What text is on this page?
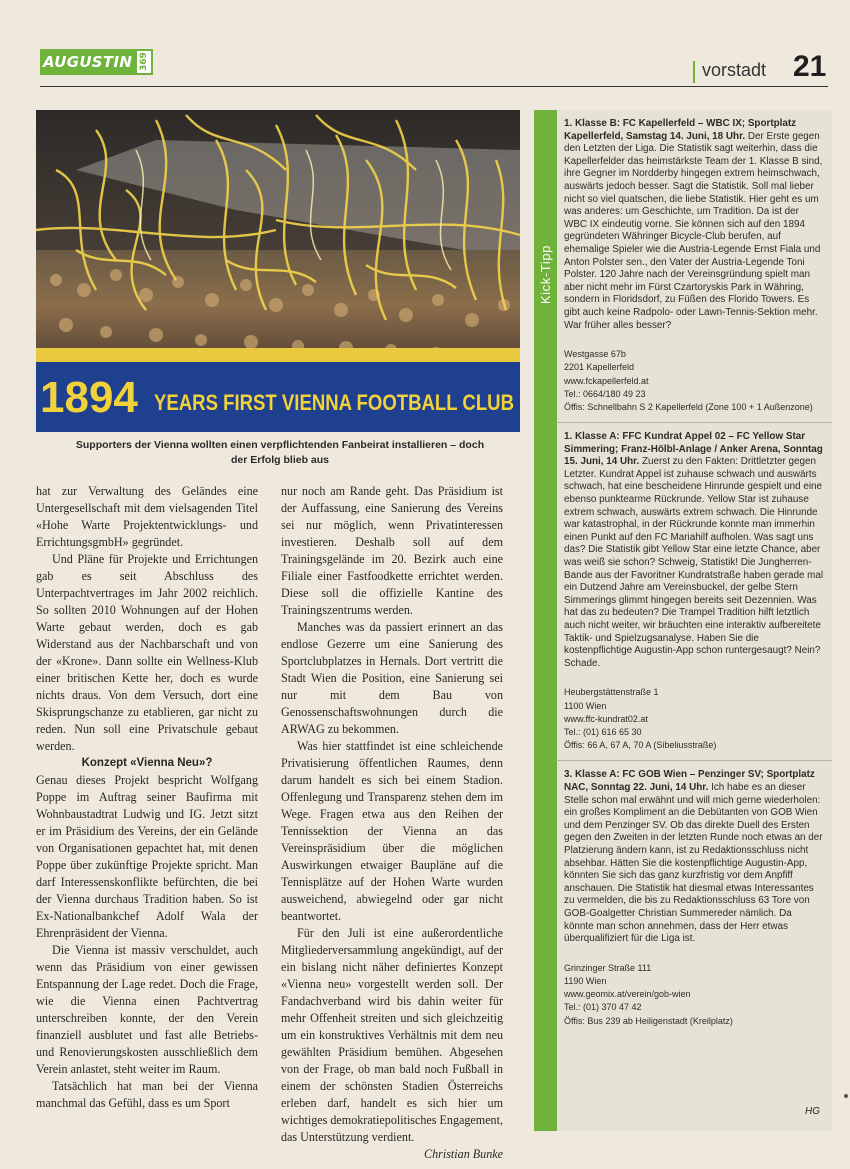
AUGUSTIN 369	vorstadt 21
1894 YEARS FIRST VIENNA FOOTBALL CLUB
Supporters der Vienna wollten einen verpflichtenden Fanbeirat installieren – doch der Erfolg blieb aus

hat zur Verwaltung des Geländes eine Untergesellschaft mit dem vielsagenden Titel «Hohe Warte Projektentwicklungs- und ErrichtungsgmbH» gegründet.

Und Pläne für Projekte und Errichtungen gab es seit Abschluss des Unterpachtvertrages im Jahr 2002 reichlich. So sollten 2010 Wohnungen auf der Hohen Warte gebaut werden, doch es gab Widerstand aus der Nachbarschaft und von der «Krone». Dann sollte ein Wellness-Klub einer britischen Kette her, doch es wurde nichts draus. Von dem Versuch, dort eine Skisprungschanze zu etablieren, gar nicht zu reden. Nun soll eine Privatschule gebaut werden.

Konzept «Vienna Neu»?

Genau dieses Projekt bespricht Wolfgang Poppe im Auftrag seiner Baufirma mit Wohnbaustadtrat Ludwig und IG. Jetzt sitzt er im Präsidium des Vereins, der ein Gelände von Organisationen gepachtet hat, mit denen Poppe über zukünftige Projekte spricht. Man darf Interessenskonflikte befürchten, die bei der Vienna durchaus Tradition haben. So ist Ex-Nationalbankchef Adolf Wala der Ehrenpräsident der Vienna.

Die Vienna ist massiv verschuldet, auch wenn das Präsidium von einer gewissen Entspannung der Lage redet. Doch die Frage, wie die Vienna einen Pachtvertrag unterschreiben konnte, der den Verein finanziell ausblutet und fast alle Betriebs- und Renovierungskosten ausschließlich dem Verein anlastet, steht weiter im Raum.

Tatsächlich hat man bei der Vienna manchmal das Gefühl, dass es um Sport

nur noch am Rande geht. Das Präsidium ist der Auffassung, eine Sanierung des Vereins sei nur möglich, wenn Privatinteressen investieren. Deshalb soll auf dem Trainingsgelände im 20. Bezirk auch eine Filiale einer Fastfoodkette errichtet werden. Diese soll die offizielle Kantine des Trainingszentrums werden.

Manches was da passiert erinnert an das endlose Gezerre um eine Sanierung des Sportclubplatzes in Hernals. Dort vertritt die Stadt Wien die Position, eine Sanierung sei nur mit dem Bau von Genossenschaftswohnungen durch die ARWAG zu bekommen.

Was hier stattfindet ist eine schleichende Privatisierung öffentlichen Raumes, denn darum handelt es sich bei einem Stadion. Offenlegung und Transparenz stehen dem im Wege. Fragen etwa aus den Reihen der Tennissektion der Vienna an das Vereinspräsidium über die möglichen Auswirkungen etwaiger Baupläne auf die Tennisplätze auf der Hohen Warte wurden ausweichend, abwiegelnd oder gar nicht beantwortet.

Für den Juli ist eine außerordentliche Mitgliederversammlung angekündigt, auf der ein bislang nicht näher definiertes Konzept «Vienna neu» vorgestellt werden soll. Der Fandachverband wird bis dahin weiter für mehr Offenheit streiten und sich gleichzeitig um ein konstruktives Verhältnis mit dem neu gewählten Präsidium bemühen. Abgesehen von der Frage, ob man bald noch Fußball in einem der schönsten Stadien Österreichs erleben darf, handelt es sich hier um wichtiges demokratiepolitisches Engagement, das Unterstützung verdient.

Christian Bunke

Kick-Tipp
1. Klasse B: FC Kapellerfeld – WBC IX; Sportplatz Kapellerfeld, Samstag 14. Juni, 18 Uhr. Der Erste gegen den Letzten der Liga. Die Statistik sagt weiterhin, dass die Kapellerfelder das heimstärkste Team der 1. Klasse B sind, ihre Gegner im Nordderby hingegen extrem heimschwach, auswärts jedoch besser. Sagt die Statistik. Soll mal lieber nicht so viel quatschen, die liebe Statistik. Hier geht es um was anderes: um Geschichte, um Tradition. Da ist der WBC IX eindeutig vorne. Sie können sich auf den 1894 gegründeten Währinger Bicycle-Club berufen, auf ehemalige Spieler wie die Austria-Legende Ernst Fiala und Anton Polster sen., den Vater der Austria-Legende Toni Polster. 120 Jahre nach der Vereinsgründung spielt man aber nicht mehr im Fürst Czartoryskis Park in Währing, sondern in Floridsdorf, zu Füßen des Florido Towers. Es gibt auch keine Radpolo- oder Lawn-Tennis-Sektion mehr. War früher alles besser?
Westgasse 67b
2201 Kapellerfeld
www.fckapellerfeld.at
Tel.: 0664/180 49 23
Öffis: Schnellbahn S 2 Kapellerfeld (Zone 100 + 1 Außenzone)
1. Klasse A: FFC Kundrat Appel 02 – FC Yellow Star Simmering; Franz-Hölbl-Anlage / Anker Arena, Sonntag 15. Juni, 14 Uhr. Zuerst zu den Fakten: Drittletzter gegen Letzter. Kundrat Appel ist zuhause schwach und auswärts schwach, hat eine bescheidene Hinrunde gespielt und eine ebenso punktearme Rückrunde. Yellow Star ist zuhause extrem schwach, auswärts extrem schwach. Die Hinrunde war katastrophal, in der Rückrunde konnte man immerhin einen Punkt auf den FC Mariahilf aufholen. Was sagt uns das? Die Statistik gibt Yellow Star eine letzte Chance, aber was weiß sie schon? Schweig, Statistik! Die Jungherren-Bande aus der Favoritner Kundratstraße haben gerade mal ein Dutzend Jahre am Vereinsbuckel, der gelbe Stern Simmerings glimmt hingegen bereits seit Dezennien. Was hat das zu bedeuten? Die Trampel Tradition hilft letztlich auch nicht weiter, wir bräuchten eine interaktiv aufbereitete Taktik- und Spielzugsanalyse. Haben Sie die kostenpflichtige Augustin-App schon runtergesaugt? Nein? Schade.
Heubergstättenstraße 1
1100 Wien
www.ffc-kundrat02.at
Tel.: (01) 616 65 30
Öffis: 66 A, 67 A, 70 A (Sibeliusstraße)
3. Klasse A: FC GOB Wien – Penzinger SV; Sportplatz NAC, Sonntag 22. Juni, 14 Uhr. Ich habe es an dieser Stelle schon mal erwähnt und will mich gerne wiederholen: ein großes Kompliment an die Debütanten von GOB Wien und dem Penzinger SV. Ob das direkte Duell des Ersten gegen den Zweiten in der letzten Runde noch etwas an der Platzierung ändern kann, ist zu Redaktionsschluss nicht absehbar. Hätten Sie die kostenpflichtige Augustin-App, könnten Sie sich das ganz kurzfristig vor dem Anpfiff anschauen. Die Statistik hat diesmal etwas Interessantes zu vermelden, die bis zu Redaktionsschluss 63 Tore von GOB-Goalgetter Christian Summereder nämlich. Da könnte man schon annehmen, dass der Herr etwas überqualifiziert für die Liga ist.
Grinzinger Straße 111
1190 Wien
www.geomix.at/verein/gob-wien
Tel.: (01) 370 47 42
Öffis: Bus 239 ab Heiligenstadt (Kreilplatz)
HG
